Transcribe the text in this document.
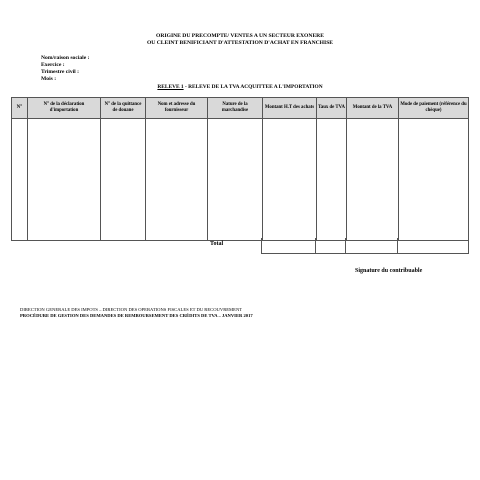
ORIGINE DU PRECOMPTE/ VENTES A UN SECTEUR EXONERE
OU CLEINT BENIFICIANT D'ATTESTATION D'ACHAT EN FRANCHISE
Nom/raison sociale :
Exercice :
Trimestre civil :
Mois :
RELEVE 1 - RELEVE DE LA TVA ACQUITTEE A L'IMPORTATION
N°	N° de la déclaration d'importation	N° de la quittance de douane	Nom et adresse du fournisseur	Nature de la marchandise	Montant H.T des achats	Taux de TVA	Montant de la TVA	Mode de paiement (référence du chèque)

Total

Signature du contribuable
DIRECTION GENERALE DES IMPOTS – DIRECTION DES OPERATIONS FISCALES ET DU RECOUVREMENT
PROCÉDURE DE GESTION DES DEMANDES DE REMBOURSEMENT DES CRÉDITS DE TVA – JANVIER 2017
